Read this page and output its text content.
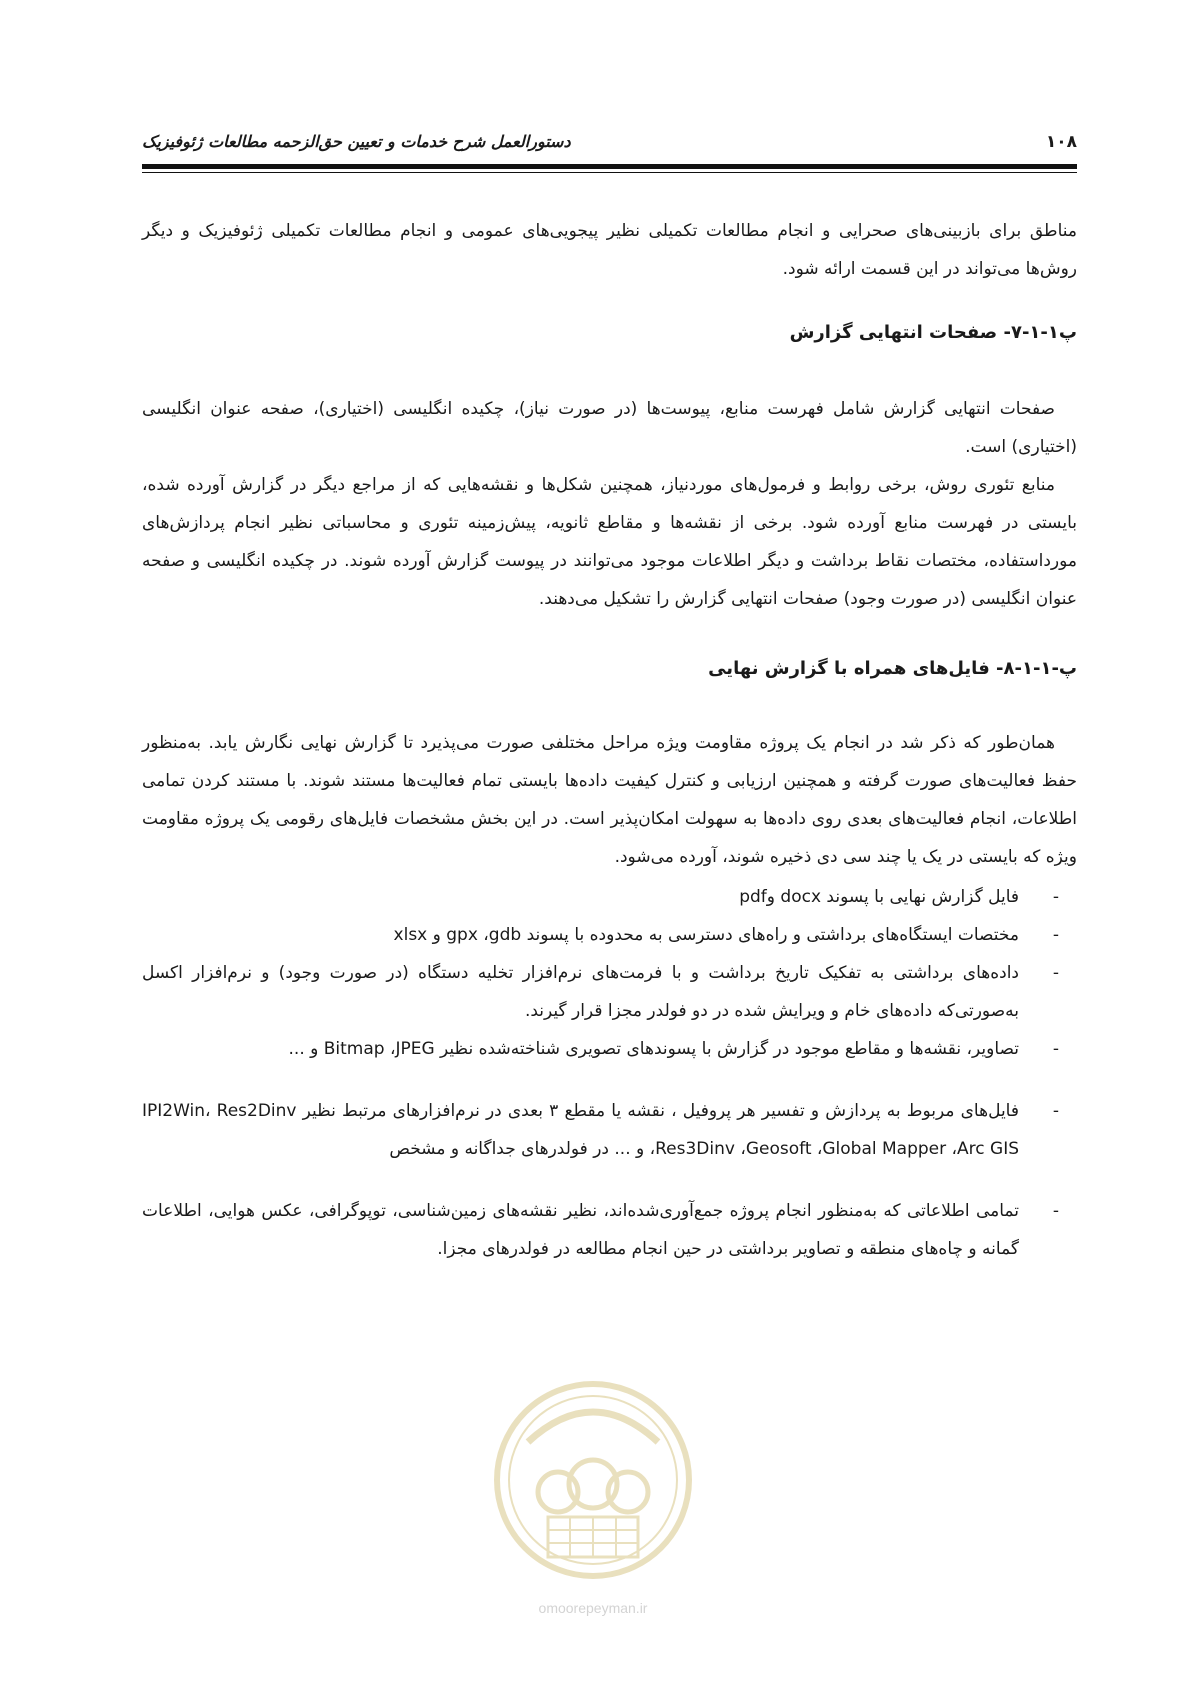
۱۰۸
دستورالعمل شرح خدمات و تعیین حق‌الزحمه مطالعات ژئوفیزیک
مناطق برای بازبینی‌های صحرایی و انجام مطالعات تکمیلی نظیر پیجویی‌های عمومی و انجام مطالعات تکمیلی ژئوفیزیک و دیگر روش‌ها می‌تواند در این قسمت ارائه شود.
پ۱-۱-۷- صفحات انتهایی گزارش
صفحات انتهایی گزارش شامل فهرست منابع، پیوست‌ها (در صورت نیاز)، چکیده انگلیسی (اختیاری)، صفحه عنوان انگلیسی (اختیاری) است.
منابع تئوری روش، برخی روابط و فرمول‌های موردنیاز، همچنین شکل‌ها و نقشه‌هایی که از مراجع دیگر در گزارش آورده شده، بایستی در فهرست منابع آورده شود. برخی از نقشه‌ها و مقاطع ثانویه، پیش‌زمینه تئوری و محاسباتی نظیر انجام پردازش‌های مورداستفاده، مختصات نقاط برداشت و دیگر اطلاعات موجود می‌توانند در پیوست گزارش آورده شوند. در چکیده انگلیسی و صفحه عنوان انگلیسی (در صورت وجود) صفحات انتهایی گزارش را تشکیل می‌دهند.
پ-۱-۱-۸- فایل‌های همراه با گزارش نهایی
همان‌طور که ذکر شد در انجام یک پروژه مقاومت ویژه مراحل مختلفی صورت می‌پذیرد تا گزارش نهایی نگارش یابد. به‌منظور حفظ فعالیت‌های صورت گرفته و همچنین ارزیابی و کنترل کیفیت داده‌ها بایستی تمام فعالیت‌ها مستند شوند. با مستند کردن تمامی اطلاعات، انجام فعالیت‌های بعدی روی داده‌ها به سهولت امکان‌پذیر است. در این بخش مشخصات فایل‌های رقومی یک پروژه مقاومت ویژه که بایستی در یک یا چند سی دی ذخیره شوند، آورده می‌شود.
-
فایل گزارش نهایی با پسوند docx وpdf
-
مختصات ایستگاه‌های برداشتی و راه‌های دسترسی به محدوده با پسوند gpx ،gdb و xlsx
-
داده‌های برداشتی به تفکیک تاریخ برداشت و با فرمت‌های نرم‌افزار تخلیه دستگاه (در صورت وجود) و نرم‌افزار اکسل به‌صورتی‌که داده‌های خام و ویرایش شده در دو فولدر مجزا قرار گیرند.
-
تصاویر، نقشه‌ها و مقاطع موجود در گزارش با پسوندهای تصویری شناخته‌شده نظیر Bitmap ،JPEG و ...
-
فایل‌های مربوط به پردازش و تفسیر هر پروفیل ، نقشه یا مقطع ۳ بعدی در نرم‌افزارهای مرتبط نظیر IPI2Win، Res2Dinv ،Res3Dinv ،Geosoft ،Global Mapper ،Arc GIS و ... در فولدرهای جداگانه و مشخص
-
تمامی اطلاعاتی که به‌منظور انجام پروژه جمع‌آوری‌شده‌اند، نظیر نقشه‌های زمین‌شناسی، توپوگرافی، عکس هوایی، اطلاعات گمانه و چاه‌های منطقه و تصاویر برداشتی در حین انجام مطالعه در فولدرهای مجزا.
omoorepeyman.ir
